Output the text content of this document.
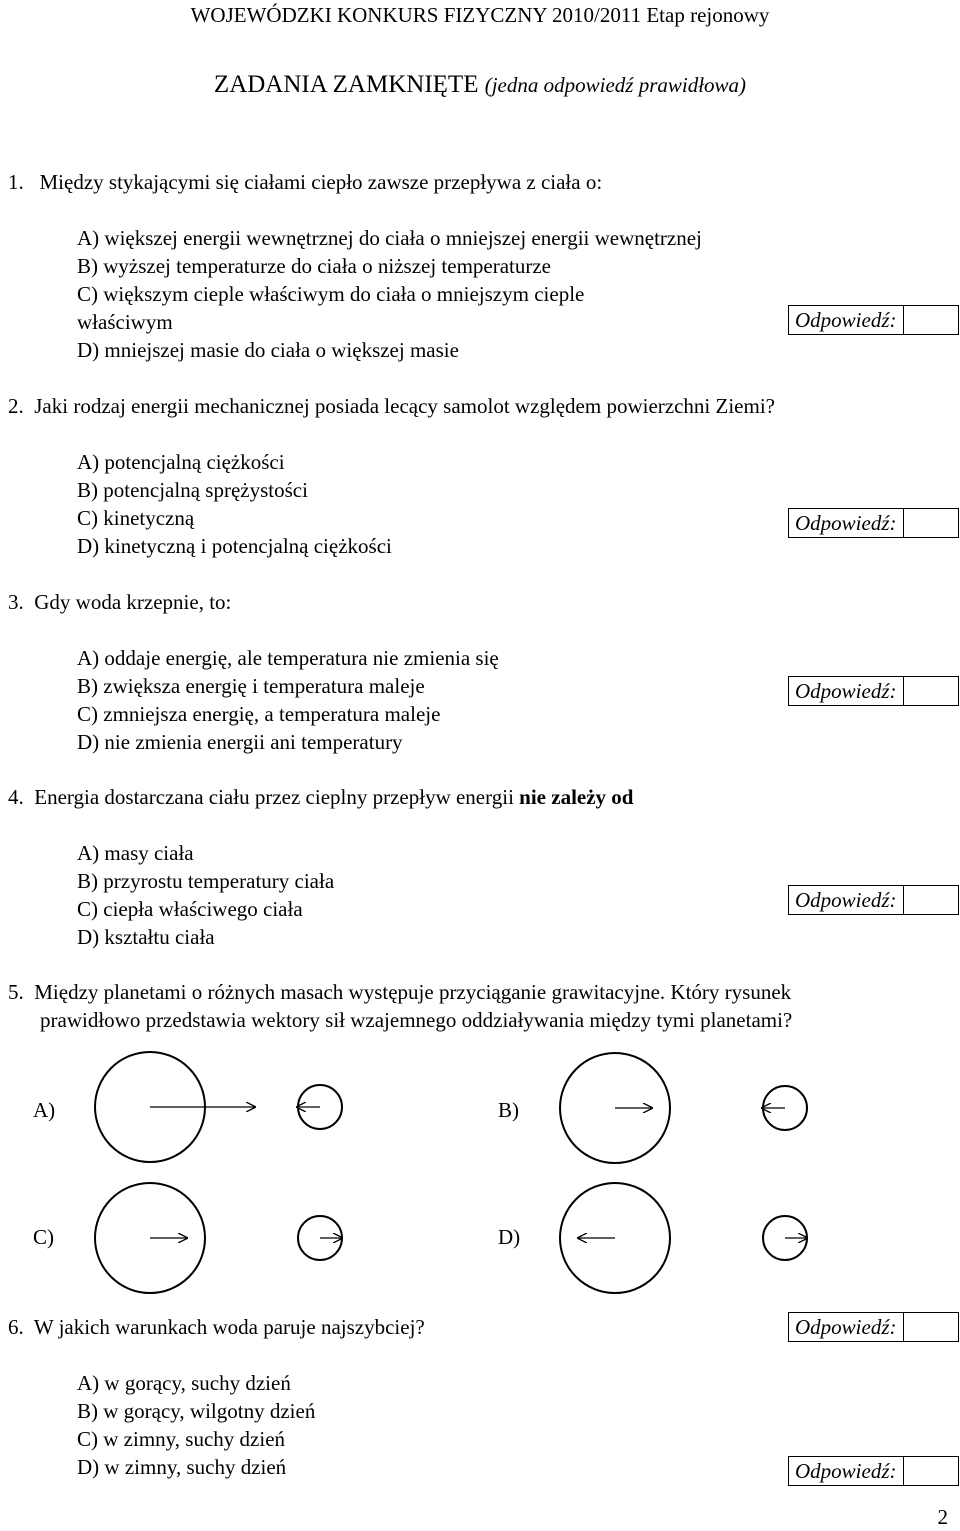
WOJEWÓDZKI KONKURS FIZYCZNY 2010/2011 Etap rejonowy
ZADANIA ZAMKNIĘTE (jedna odpowiedź prawidłowa)
1. Między stykającymi się ciałami ciepło zawsze przepływa z ciała o:
A) większej energii wewnętrznej do ciała o mniejszej energii wewnętrznej
B) wyższej temperaturze do ciała o niższej temperaturze
C) większym cieple właściwym do ciała o mniejszym cieple
właściwym
D) mniejszej masie do ciała o większej masie
Odpowiedź:
2. Jaki rodzaj energii mechanicznej posiada lecący samolot względem powierzchni Ziemi?
A) potencjalną ciężkości
B) potencjalną sprężystości
C) kinetyczną
D) kinetyczną i potencjalną ciężkości
Odpowiedź:
3. Gdy woda krzepnie, to:
A) oddaje energię, ale temperatura nie zmienia się
B) zwiększa energię i temperatura maleje
C) zmniejsza energię, a temperatura maleje
D) nie zmienia energii ani temperatury
Odpowiedź:
4. Energia dostarczana ciału przez cieplny przepływ energii nie zależy od
A) masy ciała
B) przyrostu temperatury ciała
C) ciepła właściwego ciała
D) kształtu ciała
Odpowiedź:
5. Między planetami o różnych masach występuje przyciąganie grawitacyjne. Który rysunek
prawidłowo przedstawia wektory sił wzajemnego oddziaływania między tymi planetami?
A)	B)
C)	D)
6. W jakich warunkach woda paruje najszybciej?	Odpowiedź:
A) w gorący, suchy dzień
B) w gorący, wilgotny dzień
C) w zimny, suchy dzień
D) w zimny, suchy dzień	Odpowiedź:
2
